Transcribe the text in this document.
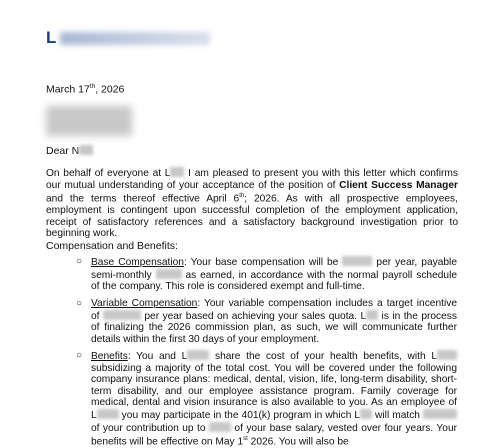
L
March 17th, 2026
Dear N
On behalf of everyone at L I am pleased to present you with this letter which confirms our mutual understanding of your acceptance of the position of Client Success Manager and the terms thereof effective April 6th; 2026. As with all prospective employees, employment is contingent upon successful completion of the employment application, receipt of satisfactory references and a satisfactory background investigation prior to beginning work.
Compensation and Benefits:
○ Base Compensation: Your base compensation will be	per year, payable semi-monthly	as earned, in accordance with the normal payroll schedule of the company. This role is considered exempt and full-time.
○ Variable Compensation: Your variable compensation includes a target incentive of	per year based on achieving your sales quota. L is in the process of finalizing the 2026 commission plan, as such, we will communicate further details within the first 30 days of your employment.
○ Benefits: You and L share the cost of your health benefits, with L subsidizing a majority of the total cost. You will be covered under the following company insurance plans: medical, dental, vision, life, long-term disability, short-term disability, and our employee assistance program. Family coverage for medical, dental and vision insurance is also available to you. As an employee of L you may participate in the 401(k) program in which L will match  of your contribution up to  of your base salary, vested over four years. Your benefits will be effective on May 1st 2026. You will also be
